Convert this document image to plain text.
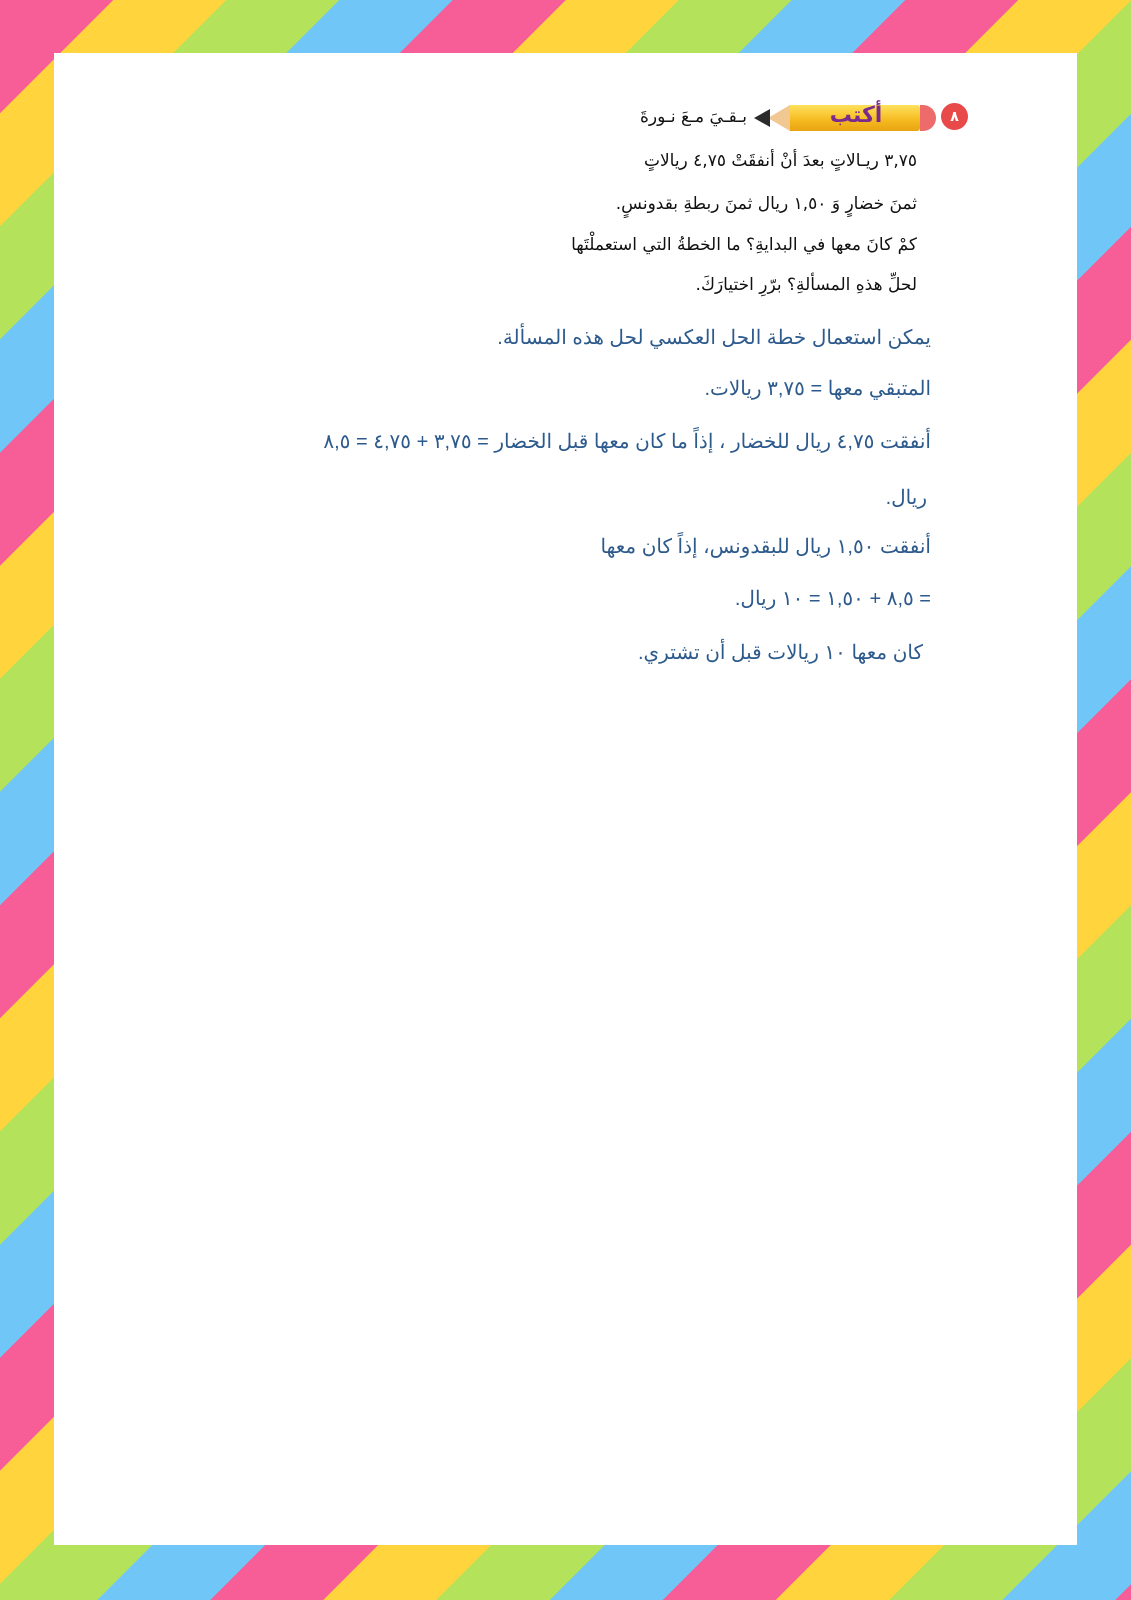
٨
أكتب
بـقـيَ مـعَ نـورةَ
٣,٧٥ ريـالاتٍ بعدَ أنْ أنفقَتْ ٤,٧٥ ريالاتٍ
ثمنَ خضارٍ وَ ١,٥٠ ريال ثمنَ ربطةِ بقدونسٍ.
كمْ كانَ معها في البدايةِ؟ ما الخطةُ التي استعملْتَها
لحلِّ هذهِ المسألةِ؟ برّرِ اختيارَكَ.
يمكن استعمال خطة الحل العكسي لحل هذه المسألة.
المتبقي معها = ٣,٧٥ ريالات.
أنفقت ٤,٧٥ ريال للخضار ، إذاً ما كان معها قبل الخضار = ٣,٧٥ + ٤,٧٥ = ٨,٥
ريال.
أنفقت ١,٥٠ ريال للبقدونس، إذاً كان معها
= ٨,٥ + ١,٥٠ = ١٠ ريال.
كان معها ١٠ ريالات قبل أن تشتري.
